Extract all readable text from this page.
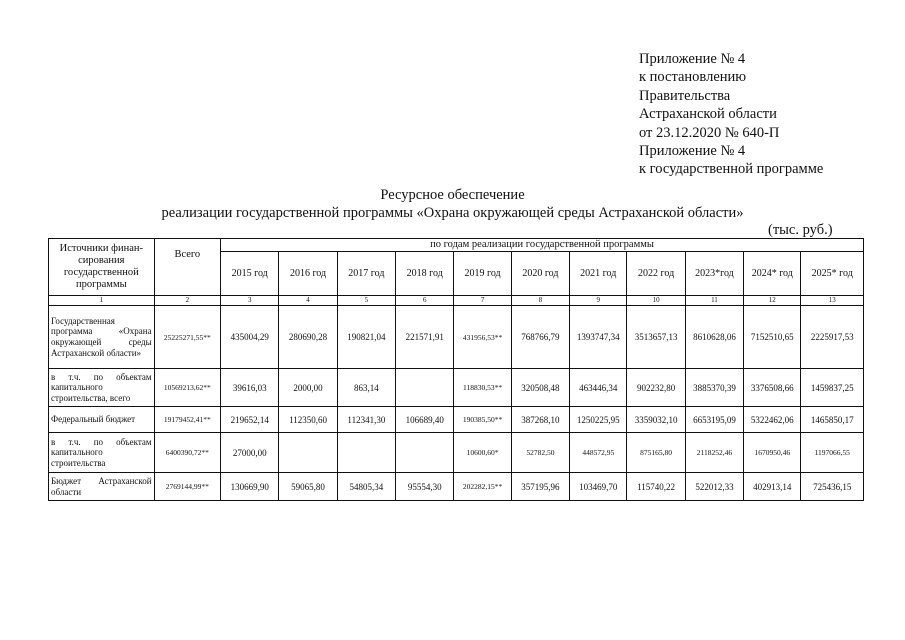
Приложение № 4
к постановлению
Правительства
Астраханской области
от 23.12.2020 № 640-П
Приложение № 4
к государственной программе
Ресурсное обеспечение
реализации государственной программы «Охрана окружающей среды Астраханской области»
(тыс. руб.)
Источники финан-сирования государственной программы	Всего	по годам реализации государственной программы										
		2015 год	2016 год	2017 год	2018 год	2019 год	2020 год	2021 год	2022 год	2023*год	2024* год	2025* год
1	2	3	4	5	6	7	8	9	10	11	12	13
Государственная программа «Охрана окружающей среды Астраханской области»	25225271,55**	435004,29	280690,28	190821,04	221571,91	431956,53**	768766,79	1393747,34	3513657,13	8610628,06	7152510,65	2225917,53
в т.ч. по объектам капитального строительства, всего	10569213,62**	39616,03	2000,00	863,14		118830,53**	320508,48	463446,34	902232,80	3885370,39	3376508,66	1459837,25
Федеральный бюджет	19179452,41**	219652,14	112350,60	112341,30	106689,40	190385,50**	387268,10	1250225,95	3359032,10	6653195,09	5322462,06	1465850,17
в т.ч. по объектам капитального строительства	6400390,72**	27000,00				10600,60*	52782,50	448572,95	875165,80	2118252,46	1670950,46	1197066,55
Бюджет Астраханской области	2769144,99**	130669,90	59065,80	54805,34	95554,30	202282,15**	357195,96	103469,70	115740,22	522012,33	402913,14	725436,15
